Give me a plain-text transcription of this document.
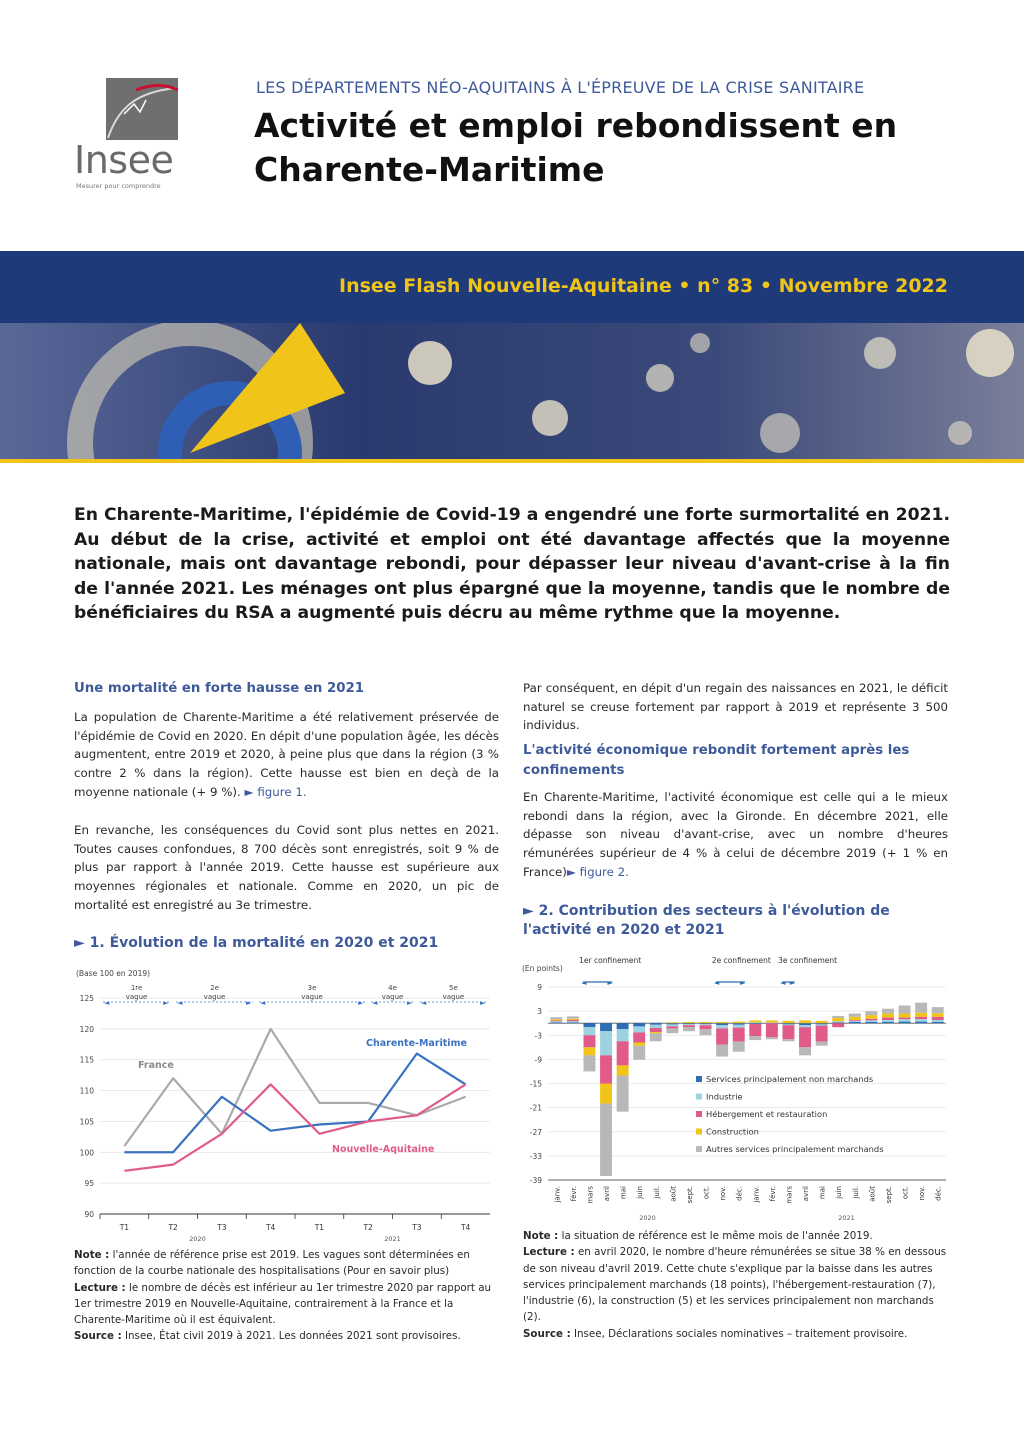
Insee
Mesurer pour comprendre
LES DÉPARTEMENTS NÉO-AQUITAINS À L'ÉPREUVE DE LA CRISE SANITAIRE
Activité et emploi rebondissent en Charente-Maritime
Insee Flash Nouvelle-Aquitaine • n° 83 • Novembre 2022
En Charente-Maritime, l'épidémie de Covid-19 a engendré une forte surmortalité en 2021. Au début de la crise, activité et emploi ont été davantage affectés que la moyenne nationale, mais ont davantage rebondi, pour dépasser leur niveau d'avant-crise à la fin de l'année 2021. Les ménages ont plus épargné que la moyenne, tandis que le nombre de bénéficiaires du RSA a augmenté puis décru au même rythme que la moyenne.
Une mortalité en forte hausse en 2021
La population de Charente-Maritime a été relativement préservée de l'épidémie de Covid en 2020. En dépit d'une population âgée, les décès augmentent, entre 2019 et 2020, à peine plus que dans la région (3 % contre 2 % dans la région). Cette hausse est bien en deçà de la moyenne nationale (+ 9 %). ► figure 1.
En revanche, les conséquences du Covid sont plus nettes en 2021. Toutes causes confondues, 8 700 décès sont enregistrés, soit 9 % de plus par rapport à l'année 2019. Cette hausse est supérieure aux moyennes régionales et nationale. Comme en 2020, un pic de mortalité est enregistré au 3e trimestre.
► 1. Évolution de la mortalité en 2020 et 2021
(Base 100 en 2019)
90
95
100
105
110
115
120
125
T1	T2	T3	T4	T1	T2	T3	T4
2020	2021
◄	►
1re
vague
◄	►
2e
vague
◄	►
3e
vague
◄	►
4e
vague
◄	►
5e
vague
Charente-Maritime
France
Nouvelle-Aquitaine
Note : l'année de référence prise est 2019. Les vagues sont déterminées en fonction de la courbe nationale des hospitalisations (Pour en savoir plus)
Lecture : le nombre de décès est inférieur au 1er trimestre 2020 par rapport au 1er trimestre 2019 en Nouvelle-Aquitaine, contrairement à la France et la Charente-Maritime où il est équivalent.
Source : Insee, État civil 2019 à 2021. Les données 2021 sont provisoires.
Par conséquent, en dépit d'un regain des naissances en 2021, le déficit naturel se creuse fortement par rapport à 2019 et représente 3 500 individus.
L'activité économique rebondit fortement après les confinements
En Charente-Maritime, l'activité économique est celle qui a le mieux rebondi dans la région, avec la Gironde. En décembre 2021, elle dépasse son niveau d'avant-crise, avec un nombre d'heures rémunérées supérieur de 4 % à celui de décembre 2019 (+ 1 % en France)► figure 2.
► 2. Contribution des secteurs à l'évolution de l'activité en 2020 et 2021
(En points)
1er confinement
◄	►
2e confinement
◄	►
3e confinement
◄ ►
9
3
-3
-9
-15
-21
-27
-33
-39
janv. févr. mars avril mai juin juil. août sept. oct. nov. déc. janv. févr. mars avril mai juin juil. août sept. oct. nov. déc.
2020	2021
Services principalement non marchands
Industrie
Hébergement et restauration
Construction
Autres services principalement marchands
Note : la situation de référence est le même mois de l'année 2019.
Lecture : en avril 2020, le nombre d'heure rémunérées se situe 38 % en dessous de son niveau d'avril 2019. Cette chute s'explique par la baisse dans les autres services principalement marchands (18 points), l'hébergement-restauration (7), l'industrie (6), la construction (5) et les services principalement non marchands (2).
Source : Insee, Déclarations sociales nominatives – traitement provisoire.
